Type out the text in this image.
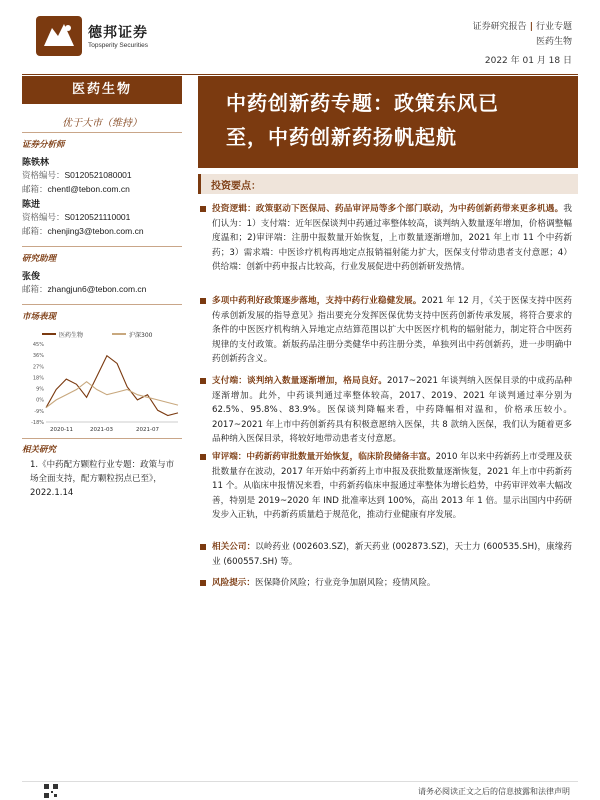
德邦证券
Topsperity Securities
证券研究报告 | 行业专题
医药生物
2022 年 01 月 18 日
医药生物
优于大市（维持）
证券分析师
陈铁林
资格编号：S0120521080001
邮箱：chentl@tebon.com.cn
陈进
资格编号：S0120521110001
邮箱：chenjing3@tebon.com.cn
研究助理
张俊
邮箱：zhangjun6@tebon.com.cn
市场表现
医药生物	沪深300
45%
36%
27%
18%
9%
0%
-9%
-18%
2020-11	2021-03	2021-07
相关研究
1.《中药配方颗粒行业专题：政策与市场全面支持，配方颗粒拐点已至》，2022.1.14
中药创新药专题：政策东风已
至，中药创新药扬帆起航
投资要点：
投资逻辑：政策驱动下医保局、药品审评局等多个部门联动，为中药创新药带来更多机遇。我们认为：1）支付端：近年医保谈判中药通过率整体较高，谈判纳入数量逐年增加，价格调整幅度温和；2)审评端：注册中报数量开始恢复，上市数量逐渐增加，2021 年上市 11 个中药新药；3）需求端：中医诊疗机构再地定点报销福射能力扩大，医保支付带动患者支付意愿；4）供给端：创新中药申报占比较高，行业发展促进中药创新研发热情。
多项中药利好政策逐步落地，支持中药行业稳健发展。2021 年 12 月，《关于医保支持中医药传承创新发展的指导意见》指出要充分发挥医保优势支持中医药创新传承发展，将符合要求的条件的中医医疗机构纳入异地定点结算范围以扩大中医医疗机构的辐射能力，制定符合中医药规律的支付政策。新版药品注册分类健华中药注册分类，单独列出中药创新药，进一步明确中药创新药含义。
支付端：谈判纳入数量逐渐增加，格局良好。2017~2021 年谈判纳入医保目录的中成药品种逐渐增加。此外，中药谈判通过率整体较高，2017、2019、2021 年谈判通过率分别为 62.5%、95.8%、83.9%。医保谈判降幅来看，中药降幅相对温和，价格承压较小。2017~2021 年上市中药创新药具有积极意愿纳入医保，共 8 款纳入医保，我们认为随着更多品种纳入医保目录，将较好地带动患者支付意愿。
审评端：中药新药审批数量开始恢复，临床阶段储备丰富。2010 年以来中药新药上市受理及获批数量存在波动，2017 年开始中药新药上市申报及获批数量逐渐恢复，2021 年上市中药新药 11 个。从临床申报情况来看，中药新药临床申报通过率整体为增长趋势，中药审评效率大幅改善，特别是 2019~2020 年 IND 批准率达到 100%，高出 2013 年 1 倍。显示出国内中药研发步入正轨，中药新药质量趋于规范化，推动行业健康有序发展。
相关公司：以岭药业 (002603.SZ)，新天药业 (002873.SZ)，天士力 (600535.SH)，康缘药业 (600557.SH) 等。
风险提示：医保降价风险；行业竞争加剧风险；疫情风险。
请务必阅读正文之后的信息披露和法律声明
